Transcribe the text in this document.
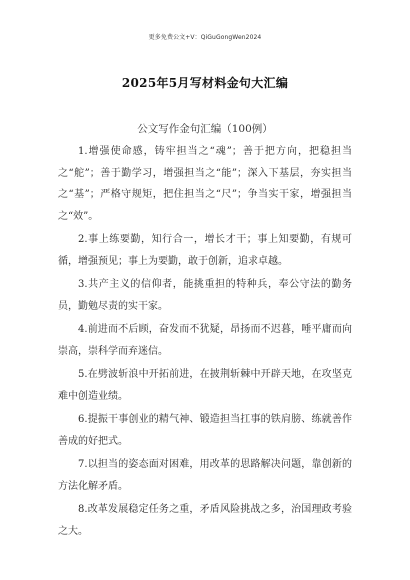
更多免费公文+V：QiGuGongWen2024
2025年5月写材料金句大汇编
公文写作金句汇编（100例）

1.增强使命感，铸牢担当之“魂”；善于把方向，把稳担当之“舵”；善于勤学习，增强担当之“能”；深入下基层，夯实担当之“基”；严格守规矩，把住担当之“尺”；争当实干家，增强担当之“效”。

2.事上练要勤，知行合一，增长才干；事上知要勤，有规可循，增强预见；事上为要勤，敢于创新，追求卓越。

3.共产主义的信仰者，能挑重担的特种兵，奉公守法的勤务员，勤勉尽责的实干家。

4.前进而不后顾，奋发而不犹疑，昂扬而不迟暮，唾平庸而向崇高，崇科学而弃迷信。

5.在劈波斩浪中开拓前进，在披荆斩棘中开辟天地，在攻坚克难中创造业绩。

6.提振干事创业的精气神、锻造担当扛事的铁肩膀、练就善作善成的好把式。

7.以担当的姿态面对困难，用改革的思路解决问题，靠创新的方法化解矛盾。

8.改革发展稳定任务之重，矛盾风险挑战之多，治国理政考验之大。
